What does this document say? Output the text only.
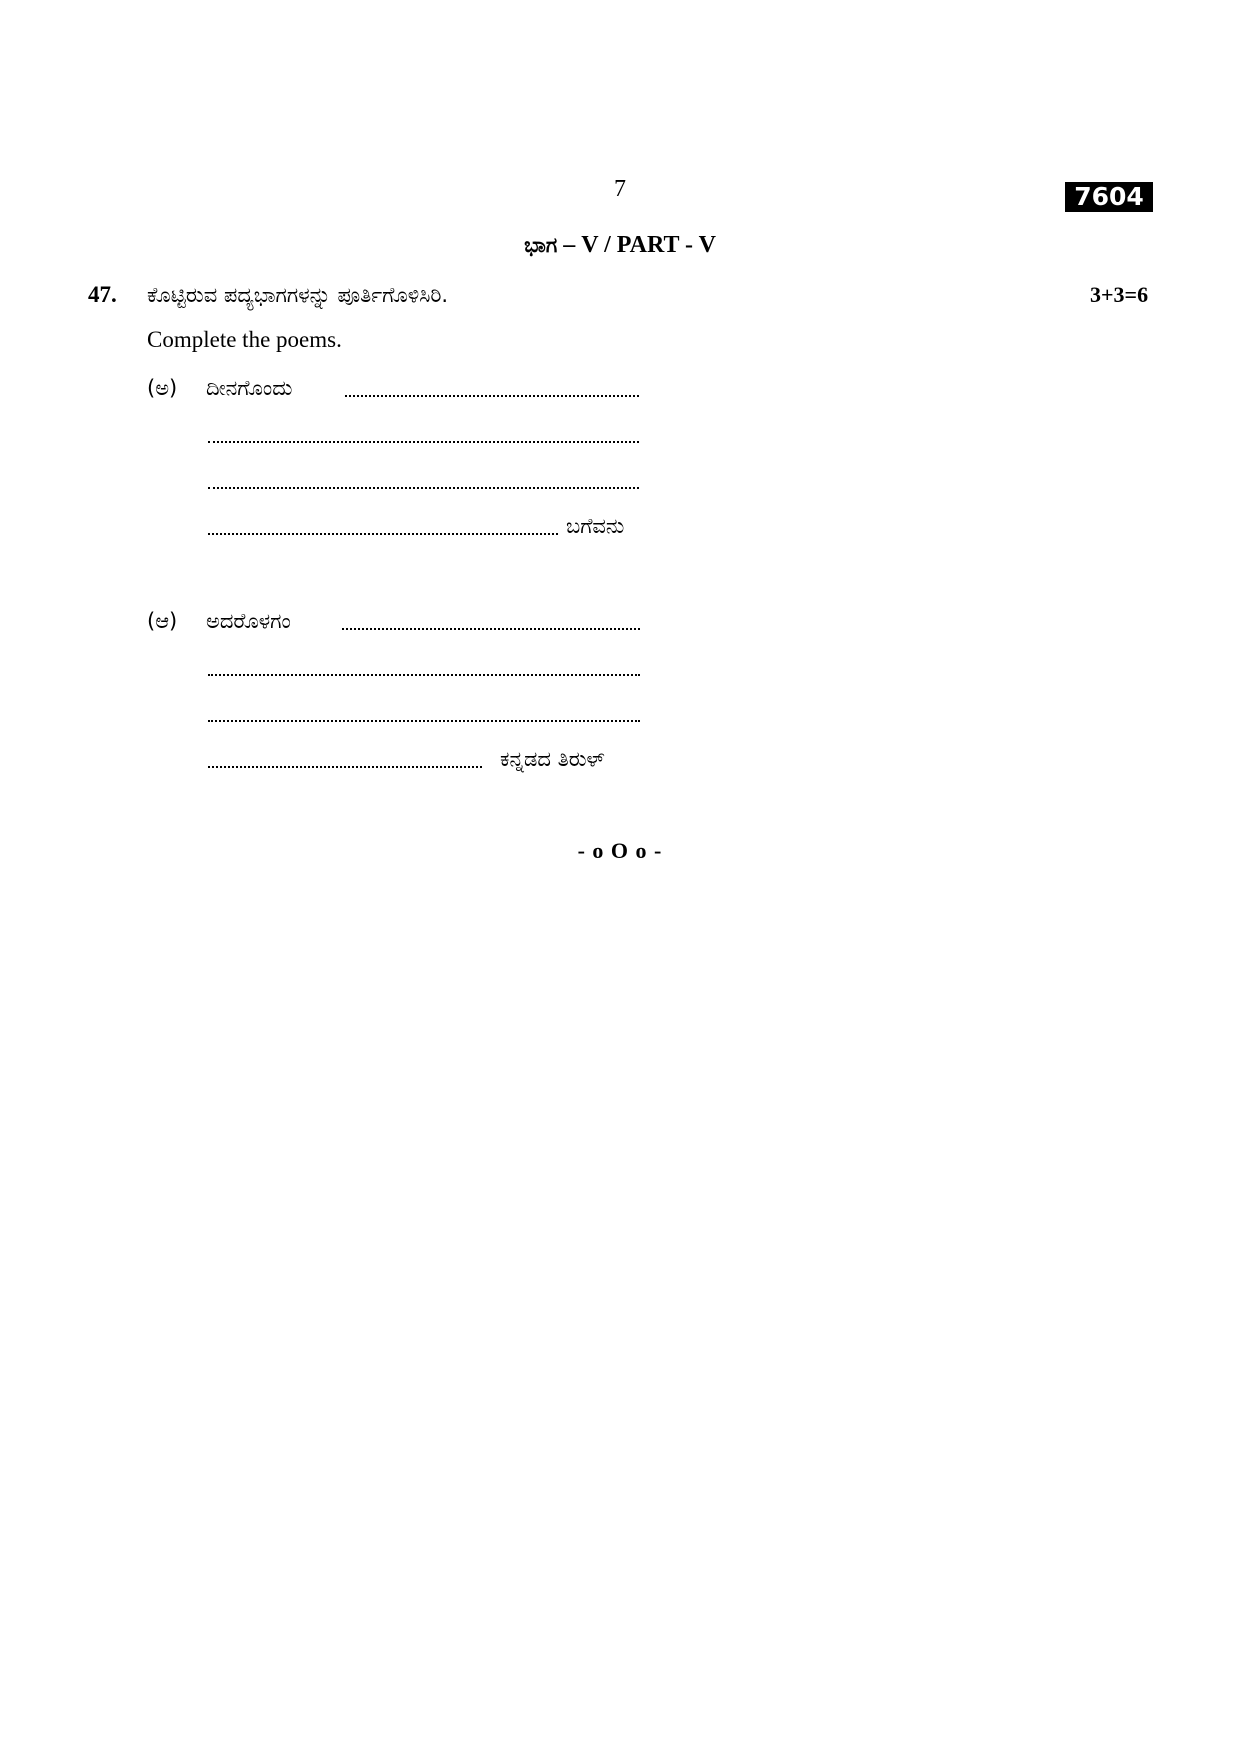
7	7604
ಭಾಗ – V / PART - V
47. ಕೊಟ್ಟಿರುವ ಪದ್ಯಭಾಗಗಳನ್ನು ಪೂರ್ತಿಗೊಳಿಸಿರಿ.	3+3=6
Complete the poems.
(ಅ) ದೀನಗೊಂದು
ಬಗೆವನು
(ಆ) ಅದರೊಳಗಂ
ಕನ್ನಡದ ತಿರುಳ್
- o O o -
